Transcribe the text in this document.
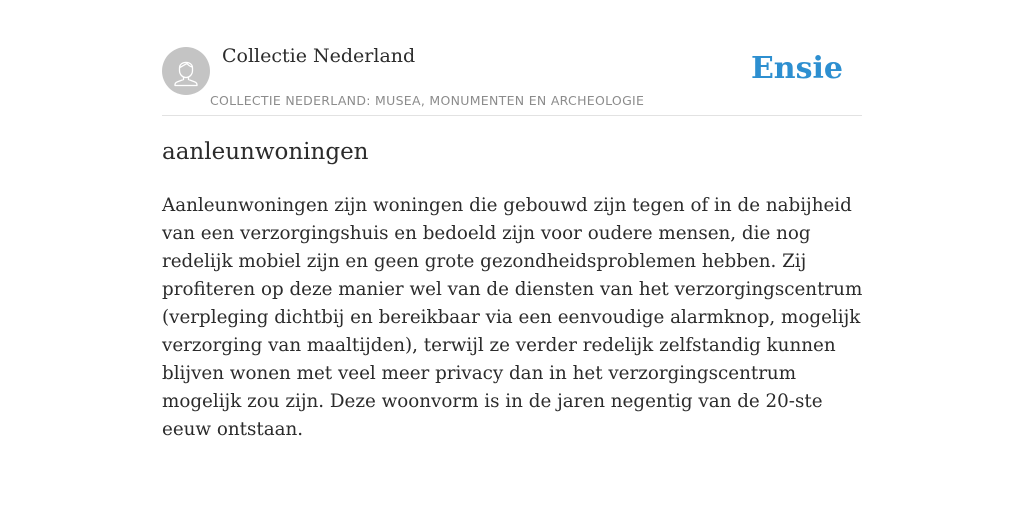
Collectie Nederland
COLLECTIE NEDERLAND: MUSEA, MONUMENTEN EN ARCHEOLOGIE
Ensie
aanleunwoningen

Aanleunwoningen zijn woningen die gebouwd zijn tegen of in de nabijheid van een verzorgingshuis en bedoeld zijn voor oudere mensen, die nog redelijk mobiel zijn en geen grote gezondheidsproblemen hebben. Zij profiteren op deze manier wel van de diensten van het verzorgingscentrum (verpleging dichtbij en bereikbaar via een eenvoudige alarmknop, mogelijk verzorging van maaltijden), terwijl ze verder redelijk zelfstandig kunnen blijven wonen met veel meer privacy dan in het verzorgingscentrum mogelijk zou zijn. Deze woonvorm is in de jaren negentig van de 20-ste eeuw ontstaan.
